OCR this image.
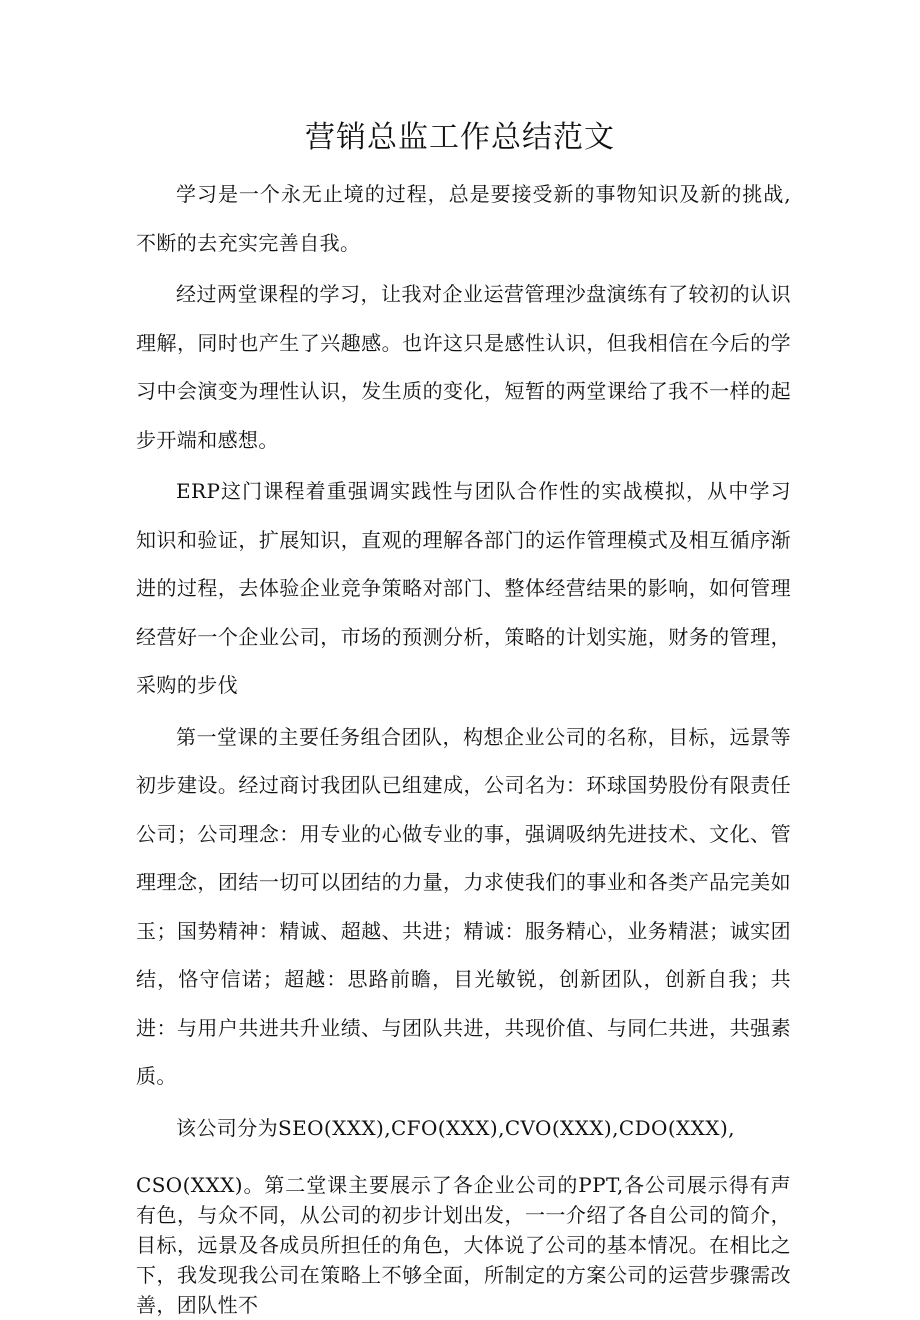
营销总监工作总结范文

学习是一个永无止境的过程，总是要接受新的事物知识及新的挑战,不断的去充实完善自我。

经过两堂课程的学习，让我对企业运营管理沙盘演练有了较初的认识理解，同时也产生了兴趣感。也许这只是感性认识，但我相信在今后的学习中会演变为理性认识，发生质的变化，短暂的两堂课给了我不一样的起步开端和感想。

ERP这门课程着重强调实践性与团队合作性的实战模拟，从中学习知识和验证，扩展知识，直观的理解各部门的运作管理模式及相互循序渐进的过程，去体验企业竞争策略对部门、整体经营结果的影响，如何管理经营好一个企业公司，市场的预测分析，策略的计划实施，财务的管理，采购的步伐

第一堂课的主要任务组合团队，构想企业公司的名称，目标，远景等初步建设。经过商讨我团队已组建成，公司名为：环球国势股份有限责任公司；公司理念：用专业的心做专业的事，强调吸纳先进技术、文化、管理理念，团结一切可以团结的力量，力求使我们的事业和各类产品完美如玉；国势精神：精诚、超越、共进；精诚：服务精心，业务精湛；诚实团结，恪守信诺；超越：思路前瞻，目光敏锐，创新团队，创新自我；共进：与用户共进共升业绩、与团队共进，共现价值、与同仁共进，共强素质。

该公司分为SEO(XXX),CFO(XXX),CVO(XXX),CDO(XXX),

CSO(XXX)。第二堂课主要展示了各企业公司的PPT,各公司展示得有声有色，与众不同，从公司的初步计划出发，一一介绍了各自公司的简介，目标，远景及各成员所担任的角色，大体说了公司的基本情况。在相比之下，我发现我公司在策略上不够全面，所制定的方案公司的运营步骤需改善，团队性不
